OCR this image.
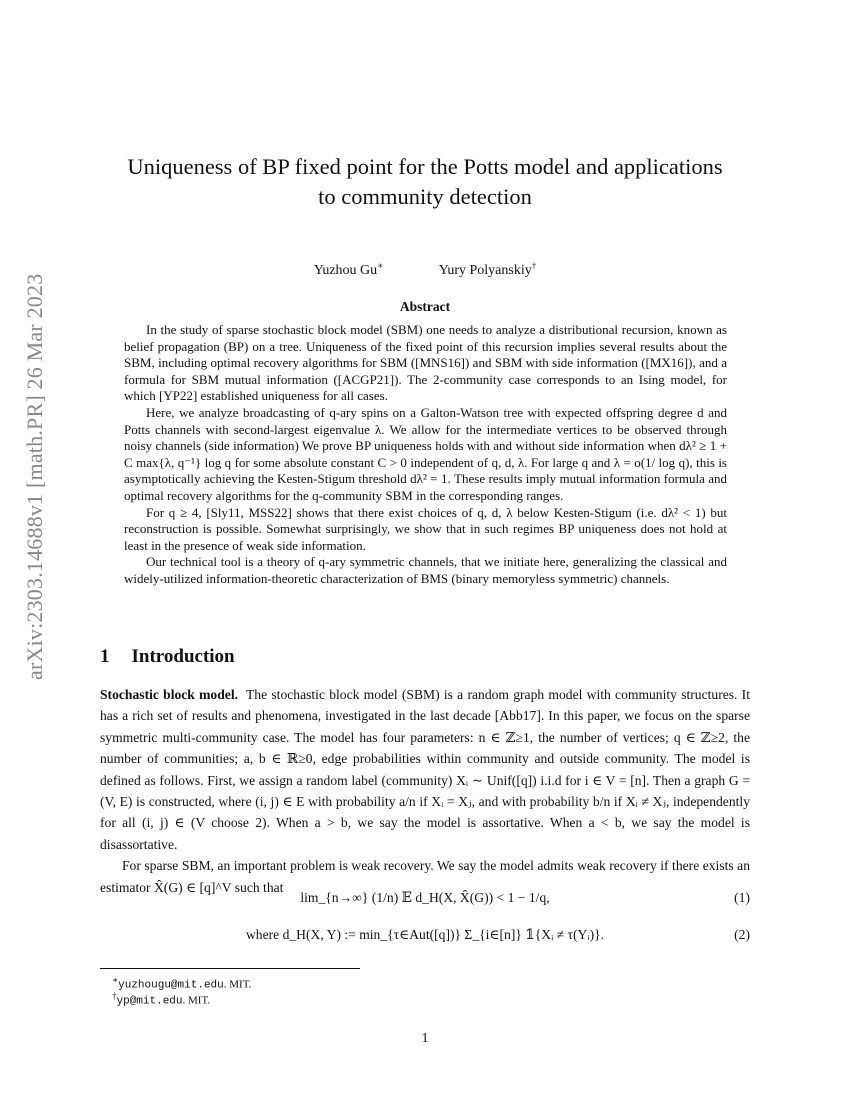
arXiv:2303.14688v1 [math.PR] 26 Mar 2023
Uniqueness of BP fixed point for the Potts model and applications
to community detection
Yuzhou Gu∗	Yury Polyanskiy†
Abstract

In the study of sparse stochastic block model (SBM) one needs to analyze a distributional recursion, known as belief propagation (BP) on a tree. Uniqueness of the fixed point of this recursion implies several results about the SBM, including optimal recovery algorithms for SBM ([MNS16]) and SBM with side information ([MX16]), and a formula for SBM mutual information ([ACGP21]). The 2-community case corresponds to an Ising model, for which [YP22] established uniqueness for all cases.

Here, we analyze broadcasting of q-ary spins on a Galton-Watson tree with expected offspring degree d and Potts channels with second-largest eigenvalue λ. We allow for the intermediate vertices to be observed through noisy channels (side information) We prove BP uniqueness holds with and without side information when dλ² ≥ 1 + C max{λ, q⁻¹} log q for some absolute constant C > 0 independent of q, d, λ. For large q and λ = o(1/ log q), this is asymptotically achieving the Kesten-Stigum threshold dλ² = 1. These results imply mutual information formula and optimal recovery algorithms for the q-community SBM in the corresponding ranges.

For q ≥ 4, [Sly11, MSS22] shows that there exist choices of q, d, λ below Kesten-Stigum (i.e. dλ² < 1) but reconstruction is possible. Somewhat surprisingly, we show that in such regimes BP uniqueness does not hold at least in the presence of weak side information.

Our technical tool is a theory of q-ary symmetric channels, that we initiate here, generalizing the classical and widely-utilized information-theoretic characterization of BMS (binary memoryless symmetric) channels.

1 Introduction

Stochastic block model. The stochastic block model (SBM) is a random graph model with community structures. It has a rich set of results and phenomena, investigated in the last decade [Abb17]. In this paper, we focus on the sparse symmetric multi-community case. The model has four parameters: n ∈ ℤ≥1, the number of vertices; q ∈ ℤ≥2, the number of communities; a, b ∈ ℝ≥0, edge probabilities within community and outside community. The model is defined as follows. First, we assign a random label (community) Xᵢ ∼ Unif([q]) i.i.d for i ∈ V = [n]. Then a graph G = (V, E) is constructed, where (i, j) ∈ E with probability a/n if Xᵢ = Xⱼ, and with probability b/n if Xᵢ ≠ Xⱼ, independently for all (i, j) ∈ (V choose 2). When a > b, we say the model is assortative. When a < b, we say the model is disassortative.

For sparse SBM, an important problem is weak recovery. We say the model admits weak recovery if there exists an estimator X̂(G) ∈ [q]^V such that

lim_{n→∞} (1/n) 𝔼 d_H(X, X̂(G)) < 1 − 1/q,	(1)
where d_H(X, Y) := min_{τ∈Aut([q])} Σ_{i∈[n]} 𝟙{Xᵢ ≠ τ(Yᵢ)}.	(2)
∗yuzhougu@mit.edu. MIT.
†yp@mit.edu. MIT.
1
